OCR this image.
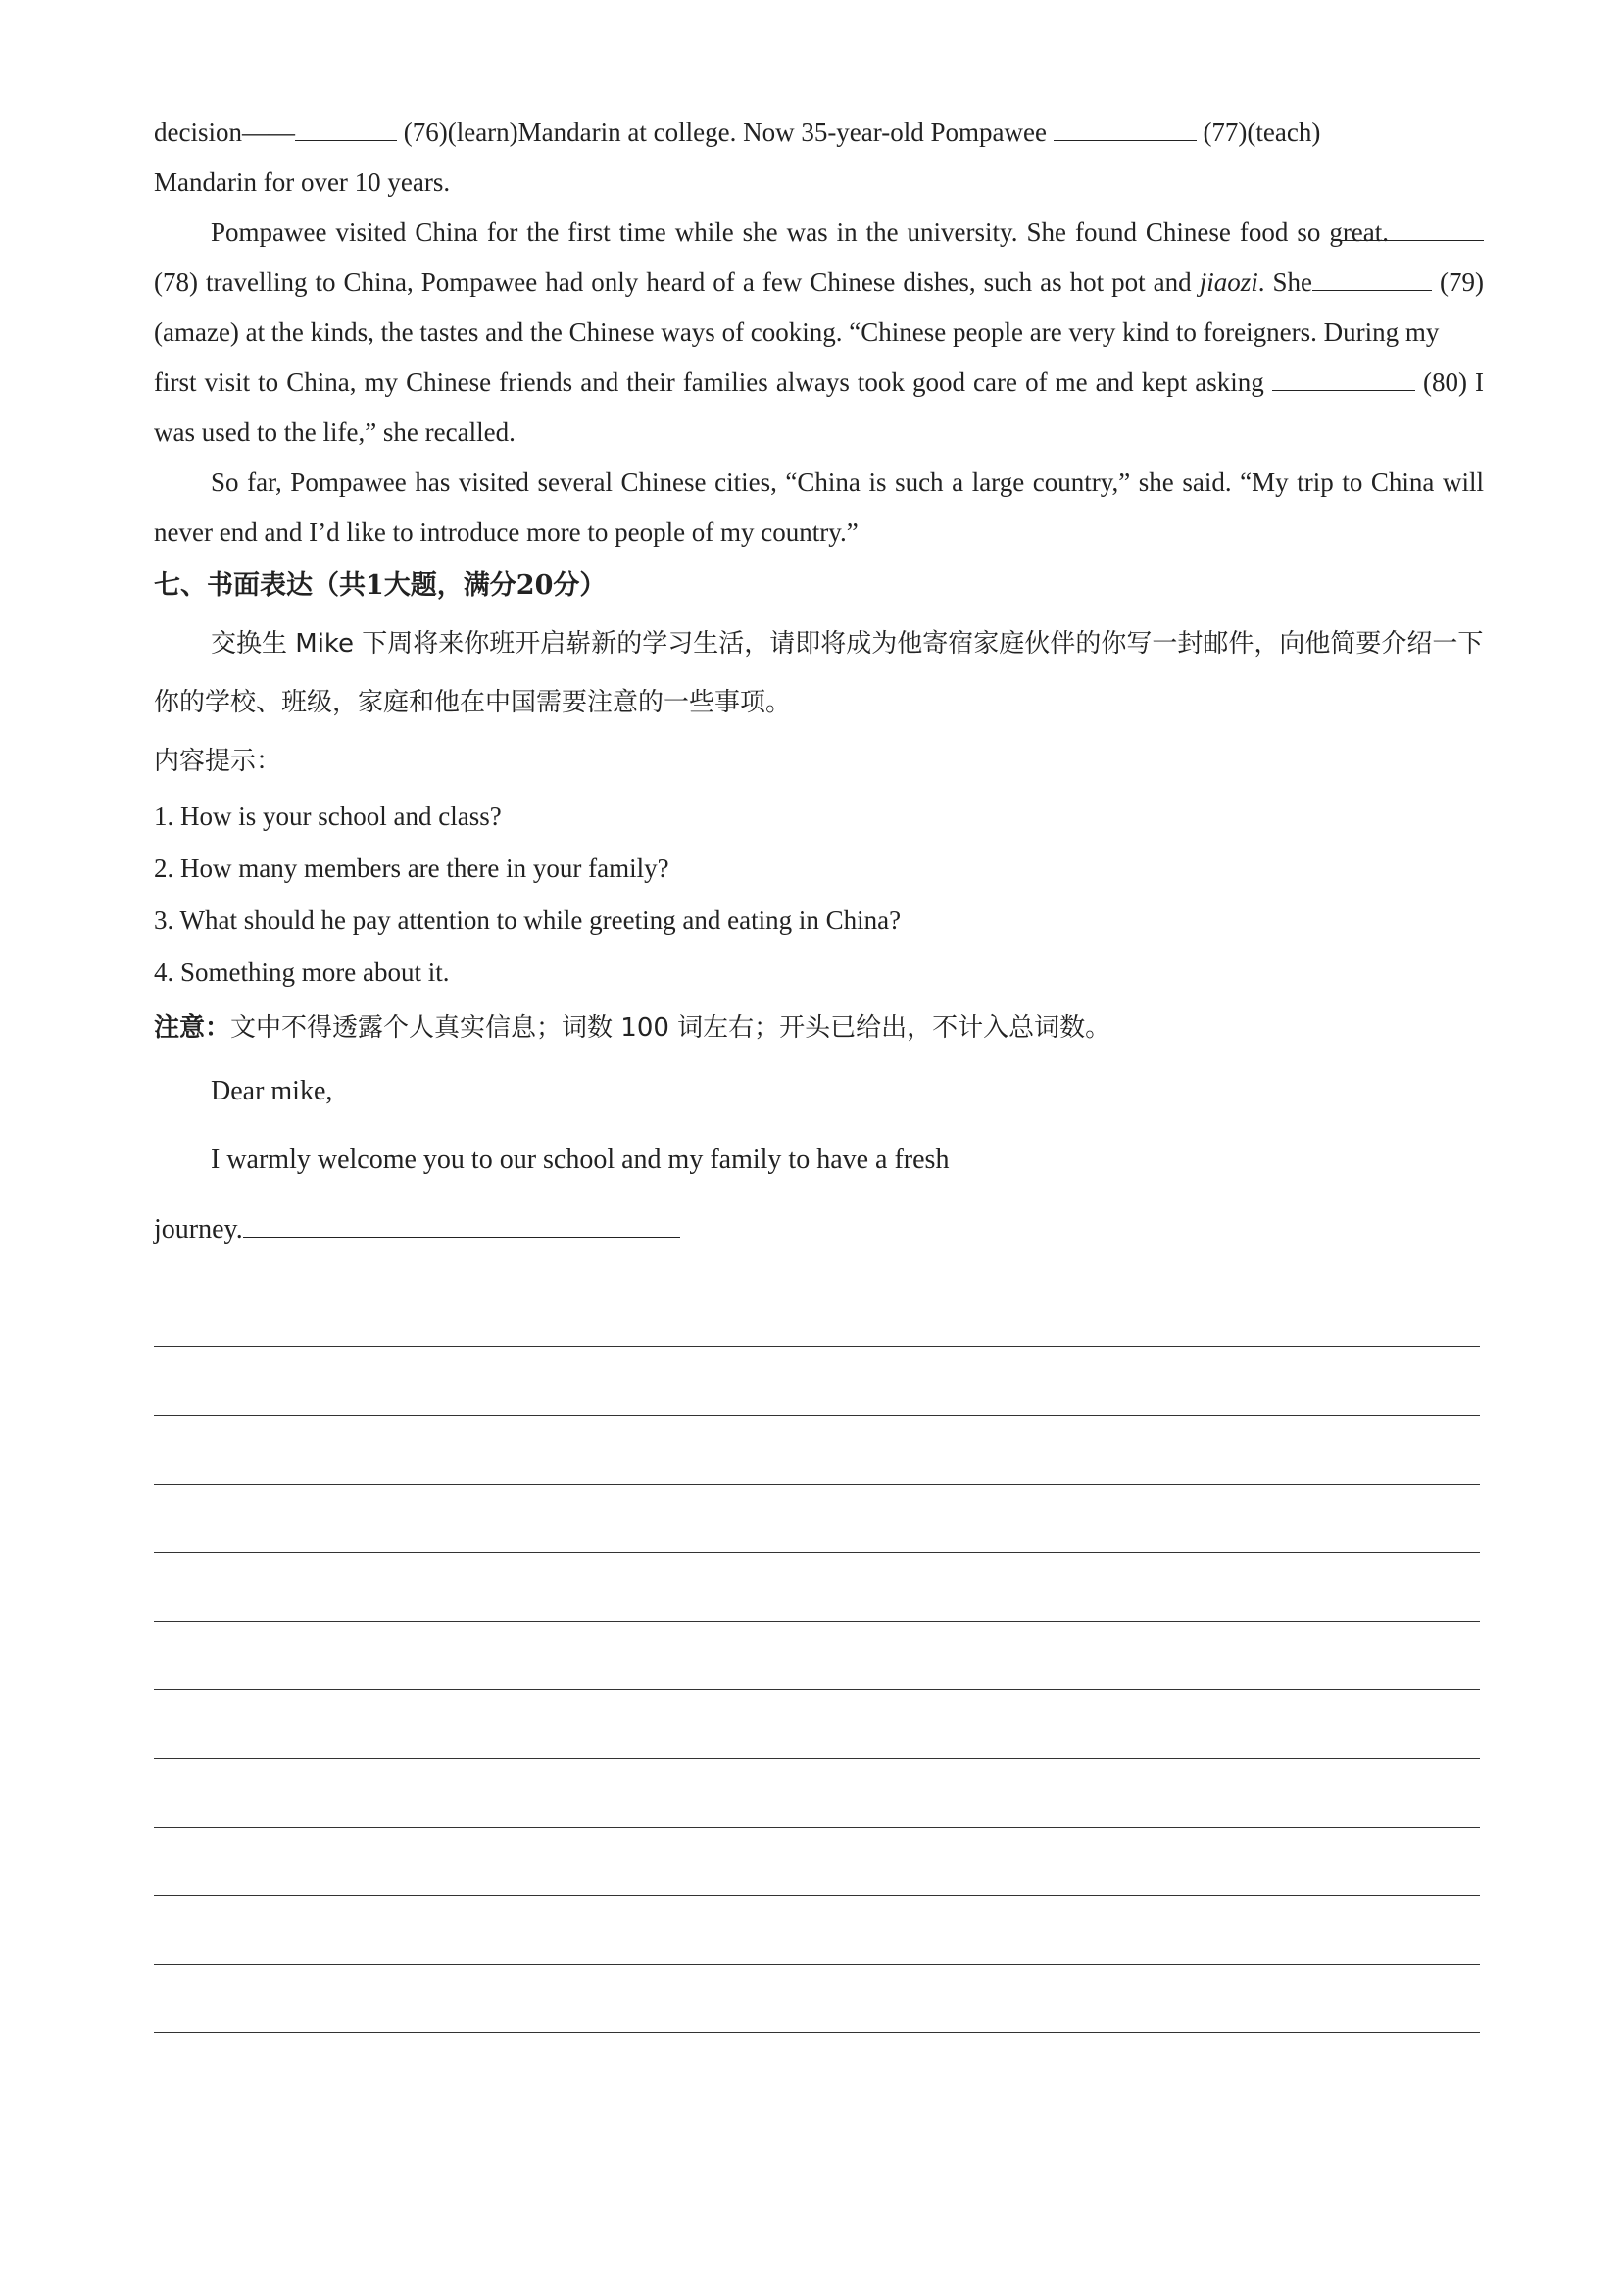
decision——	(76)(learn)Mandarin at college. Now 35-year-old Pompawee	(77)(teach)

Mandarin for over 10 years.

Pompawee visited China for the first time while she was in the university. She found Chinese food so great.  (78) travelling to China, Pompawee had only heard of a few Chinese dishes, such as hot pot and jiaozi. She	(79)(amaze) at the kinds, the tastes and the Chinese ways of cooking. “Chinese people are very kind to foreigners. During my

first visit to China, my Chinese friends and their families always took good care of me and kept asking	(80) I was used to the life,” she recalled.

So far, Pompawee has visited several Chinese cities, “China is such a large country,” she said. “My trip to China will never end and I’d like to introduce more to people of my country.”

七、书面表达（共1大题，满分20分）

交换生 Mike 下周将来你班开启崭新的学习生活，请即将成为他寄宿家庭伙伴的你写一封邮件，向他简要介绍一下你的学校、班级，家庭和他在中国需要注意的一些事项。

内容提示：

1. How is your school and class?

2. How many members are there in your family?

3. What should he pay attention to while greeting and eating in China?

4. Something more about it.

注意：文中不得透露个人真实信息；词数 100 词左右；开头已给出，不计入总词数。

Dear mike,

I warmly welcome you to our school and my family to have a fresh

journey.
